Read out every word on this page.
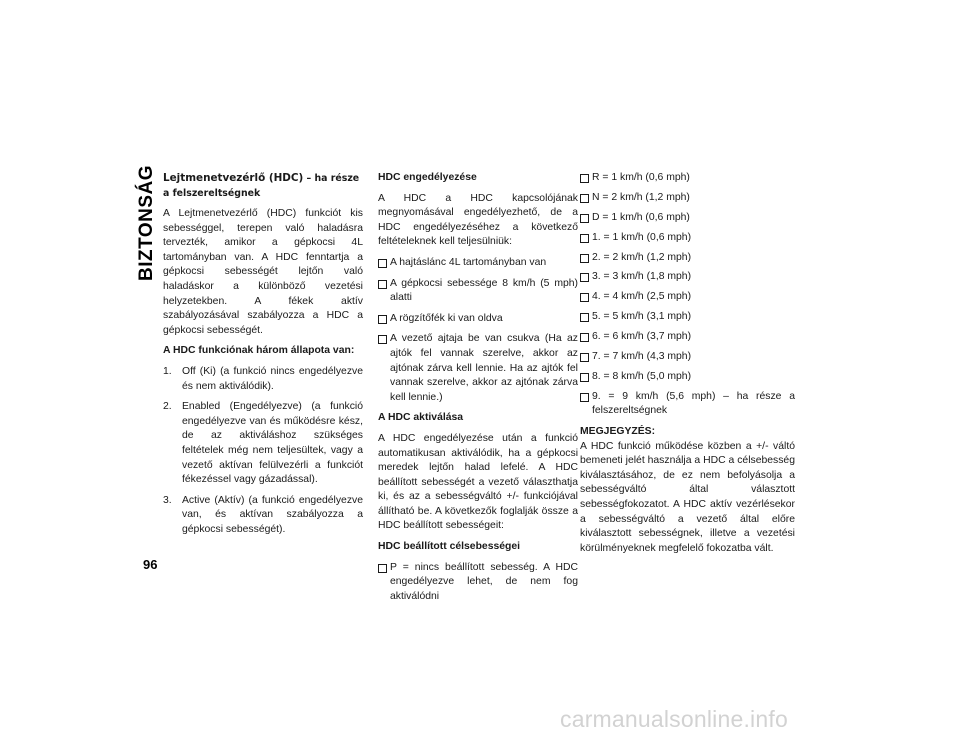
BIZTONSÁG
96
Lejtmenetvezérlő (HDC) – ha része a felszereltségnek

A Lejtmenetvezérlő (HDC) funkciót kis sebességgel, terepen való haladásra tervezték, amikor a gépkocsi 4L tartományban van. A HDC fenntartja a gépkocsi sebességét lejtőn való haladáskor a különböző vezetési helyzetekben. A fékek aktív szabályozásával szabályozza a HDC a gépkocsi sebességét.

A HDC funkciónak három állapota van:
1. Off (Ki) (a funkció nincs engedélyezve és nem aktiválódik).
2. Enabled (Engedélyezve) (a funkció engedélyezve van és működésre kész, de az aktiváláshoz szükséges feltételek még nem teljesültek, vagy a vezető aktívan felülvezérli a funkciót fékezéssel vagy gázadással).
3. Active (Aktív) (a funkció engedélyezve van, és aktívan szabályozza a gépkocsi sebességét).
HDC engedélyezése

A HDC a HDC kapcsolójának megnyomásával engedélyezhető, de a HDC engedélyezéséhez a következő feltételeknek kell teljesülniük:

A hajtáslánc 4L tartományban van
A gépkocsi sebessége 8 km/h (5 mph) alatti
A rögzítőfék ki van oldva
A vezető ajtaja be van csukva (Ha az ajtók fel vannak szerelve, akkor az ajtónak zárva kell lennie. Ha az ajtók fel vannak szerelve, akkor az ajtónak zárva kell lennie.)
A HDC aktiválása

A HDC engedélyezése után a funkció automatikusan aktiválódik, ha a gépkocsi meredek lejtőn halad lefelé. A HDC beállított sebességét a vezető választhatja ki, és az a sebességváltó +/- funkciójával állítható be. A következők foglalják össze a HDC beállított sebességeit:

HDC beállított célsebességei
P = nincs beállított sebesség. A HDC engedélyezve lehet, de nem fog aktiválódni
R = 1 km/h (0,6 mph)
N = 2 km/h (1,2 mph)
D = 1 km/h (0,6 mph)
1. = 1 km/h (0,6 mph)
2. = 2 km/h (1,2 mph)
3. = 3 km/h (1,8 mph)
4. = 4 km/h (2,5 mph)
5. = 5 km/h (3,1 mph)
6. = 6 km/h (3,7 mph)
7. = 7 km/h (4,3 mph)
8. = 8 km/h (5,0 mph)
9. = 9 km/h (5,6 mph) – ha része a felszereltségnek
MEGJEGYZÉS:

A HDC funkció működése közben a +/- váltó bemeneti jelét használja a HDC a célsebesség kiválasztásához, de ez nem befolyásolja a sebességváltó által választott sebességfokozatot. A HDC aktív vezérlésekor a sebességváltó a vezető által előre kiválasztott sebességnek, illetve a vezetési körülményeknek megfelelő fokozatba vált.

carmanualsonline.info
